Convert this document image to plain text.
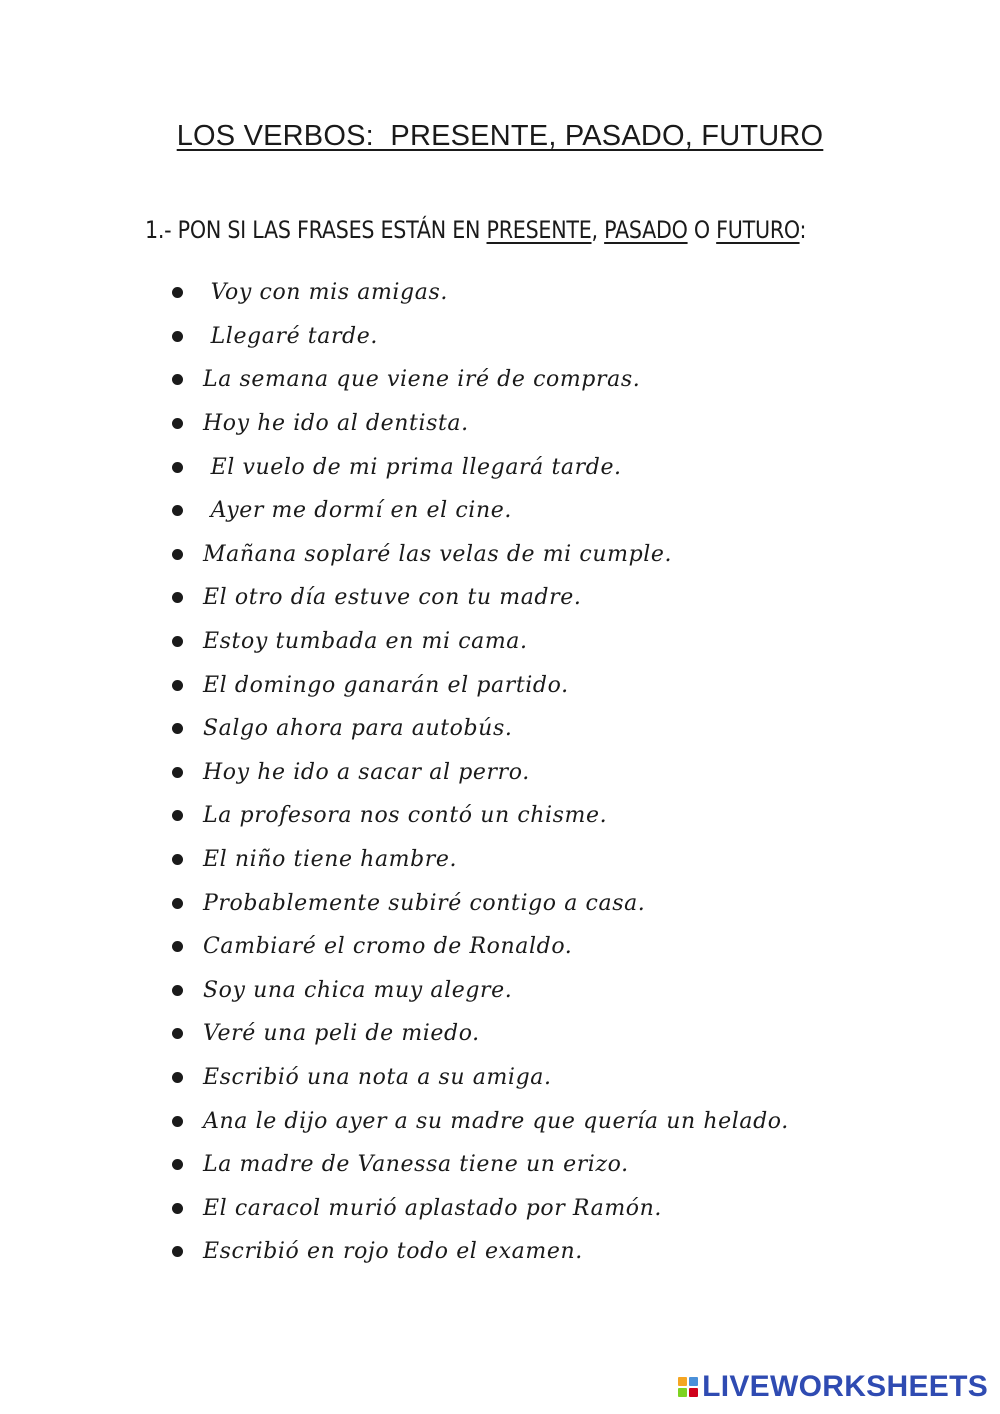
LOS VERBOS:  PRESENTE, PASADO, FUTURO
1.- PON SI LAS FRASES ESTÁN EN PRESENTE, PASADO O FUTURO:
Voy con mis amigas.
Llegaré tarde.
La semana que viene iré de compras.
Hoy he ido al dentista.
El vuelo de mi prima llegará tarde.
Ayer me dormí en el cine.
Mañana soplaré las velas de mi cumple.
El otro día estuve con tu madre.
Estoy tumbada en mi cama.
El domingo ganarán el partido.
Salgo ahora para autobús.
Hoy he ido a sacar al perro.
La profesora nos contó un chisme.
El niño tiene hambre.
Probablemente subiré contigo a casa.
Cambiaré el cromo de Ronaldo.
Soy una chica muy alegre.
Veré una peli de miedo.
Escribió una nota a su amiga.
Ana le dijo ayer a su madre que quería un helado.
La madre de Vanessa tiene un erizo.
El caracol murió aplastado por Ramón.
Escribió en rojo todo el examen.
LIVEWORKSHEETS
